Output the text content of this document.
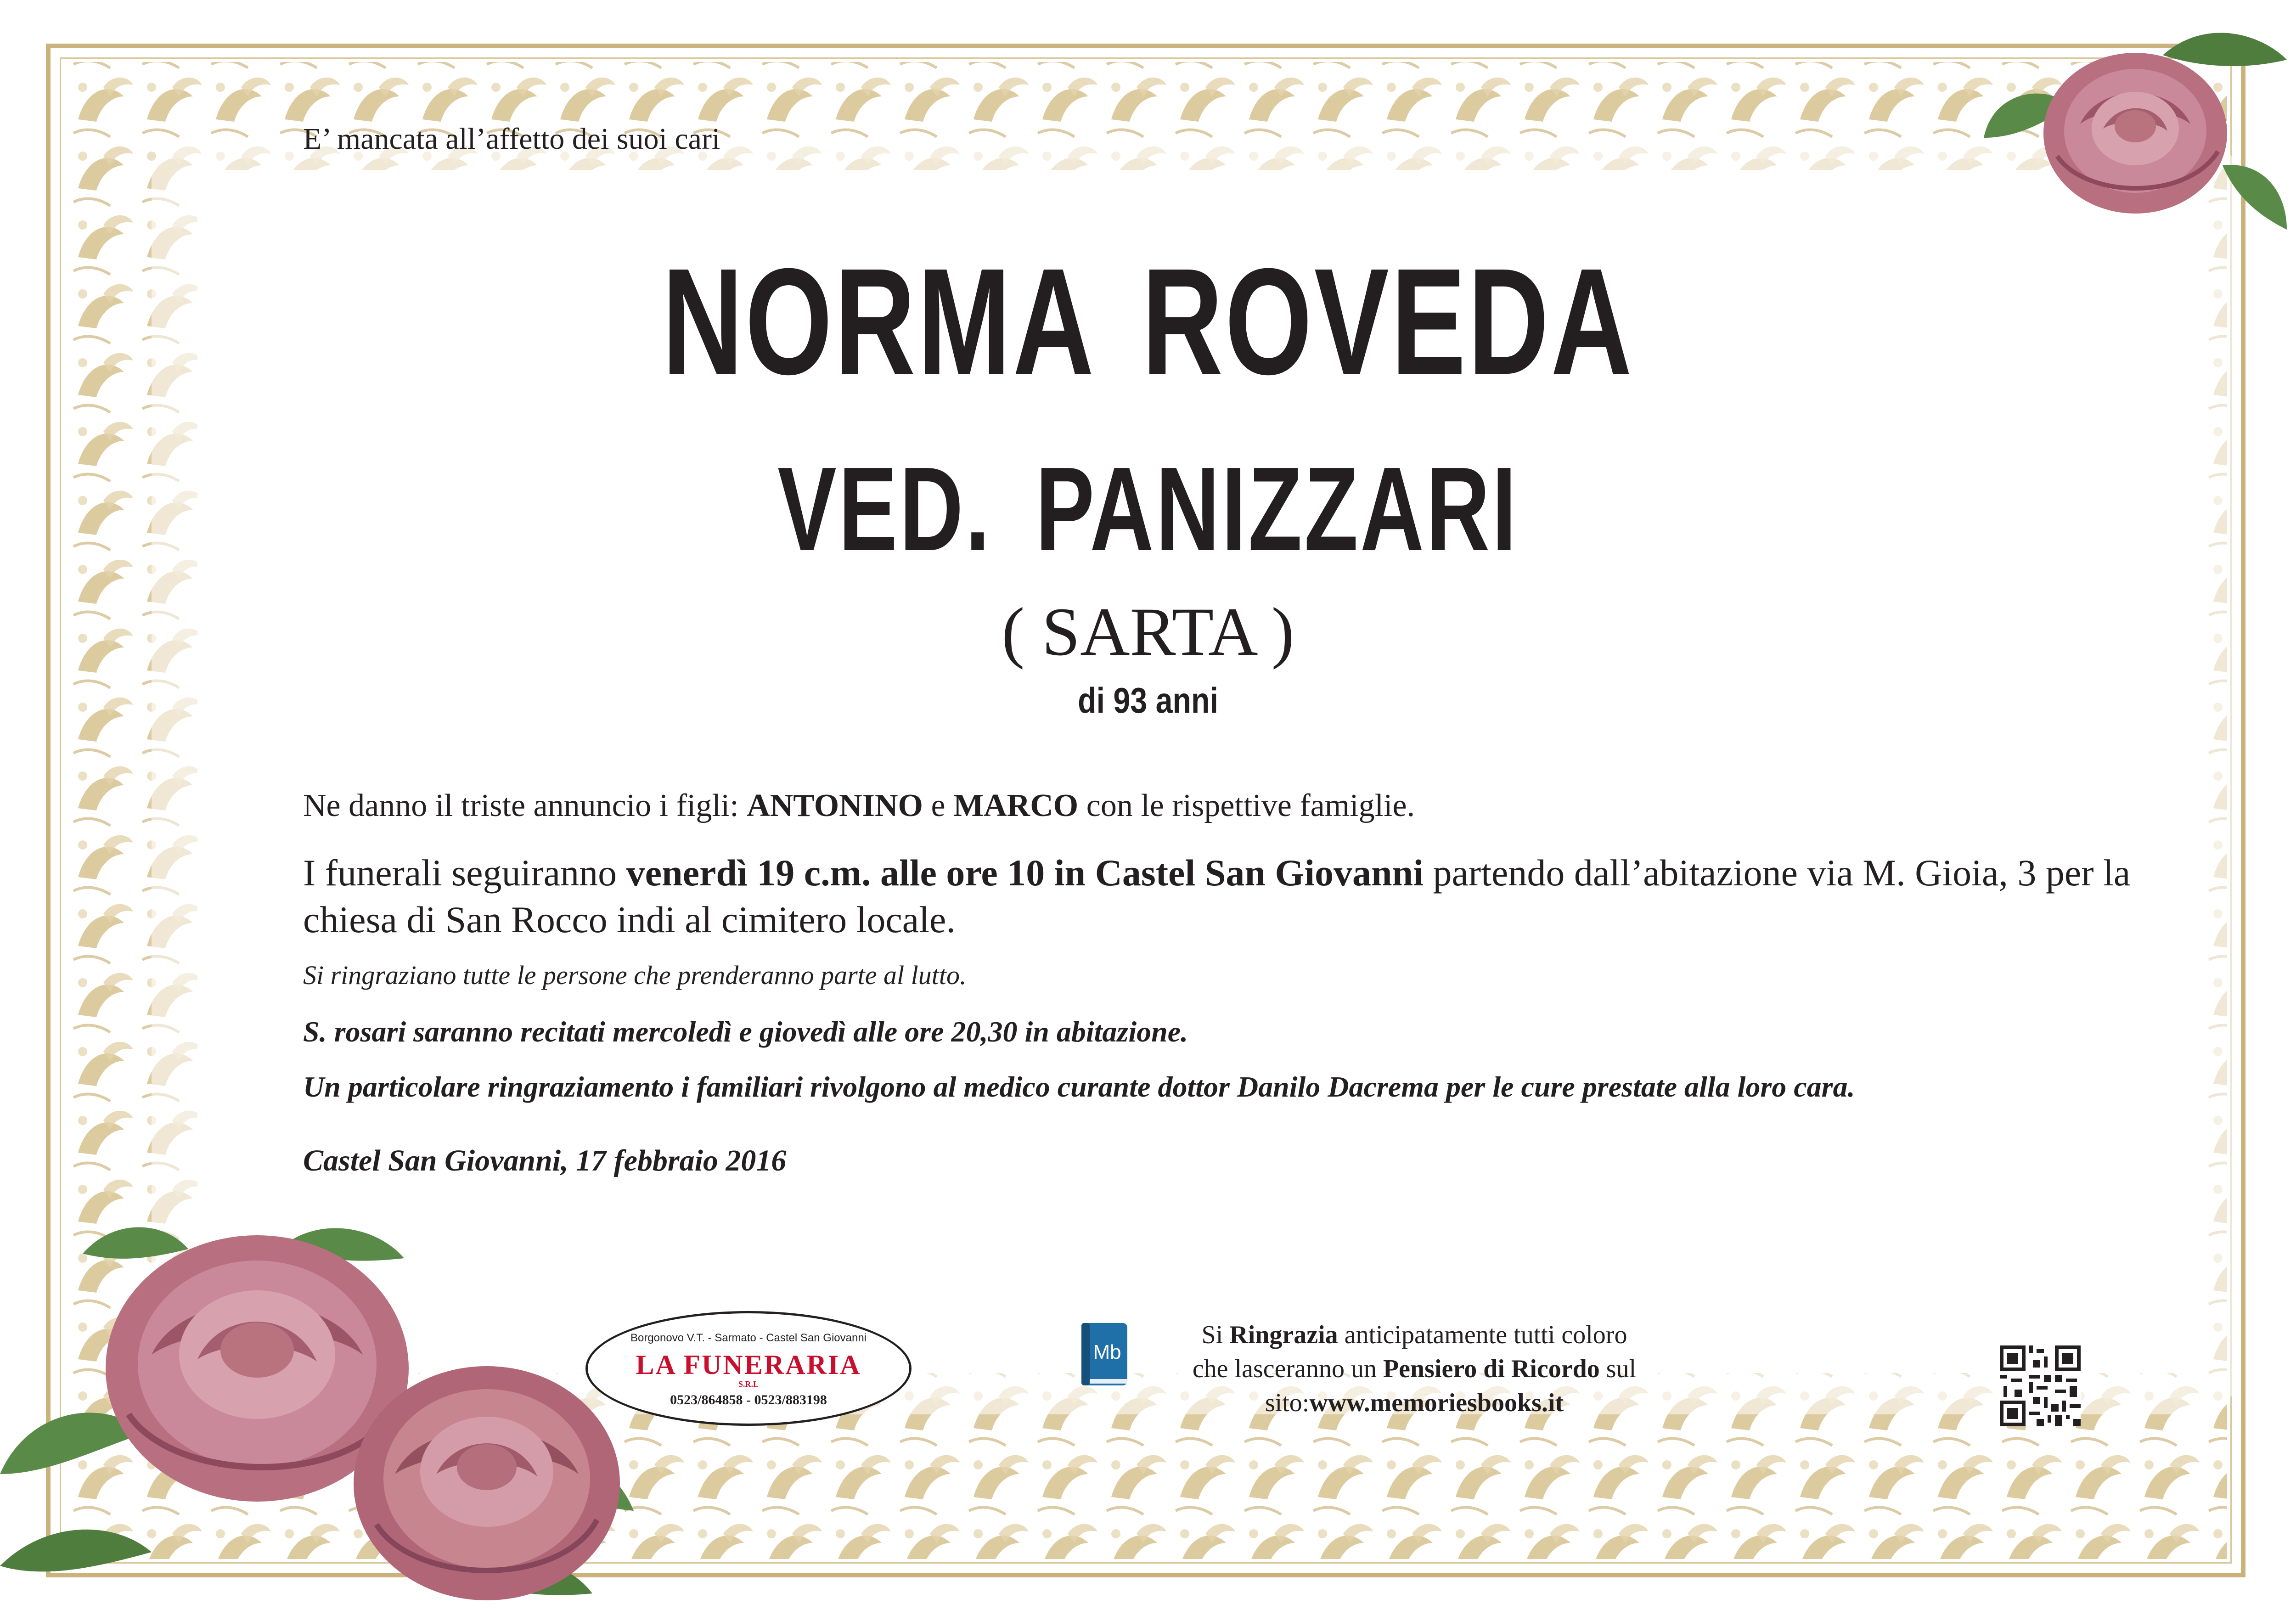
E’ mancata all’affetto dei suoi cari
NORMA ROVEDA
VED. PANIZZARI
( SARTA )
di 93 anni
Ne danno il triste annuncio i figli: ANTONINO e MARCO con le rispettive famiglie.
I funerali seguiranno venerdì 19 c.m. alle ore 10 in Castel San Giovanni partendo dall’abitazione via M. Gioia, 3 per la chiesa di San Rocco indi al cimitero locale.
Si ringraziano tutte le persone che prenderanno parte al lutto.
S. rosari saranno recitati mercoledì e giovedì alle ore 20,30 in abitazione.
Un particolare ringraziamento i familiari rivolgono al medico curante dottor Danilo Dacrema per le cure prestate alla loro cara.
Castel San Giovanni, 17 febbraio 2016
Borgonovo V.T. - Sarmato - Castel San Giovanni
LA FUNERARIA
S.R.L
0523/864858 - 0523/883198
Mb
Si Ringrazia anticipatamente tutti coloro
che lasceranno un Pensiero di Ricordo sul
sito:www.memoriesbooks.it
